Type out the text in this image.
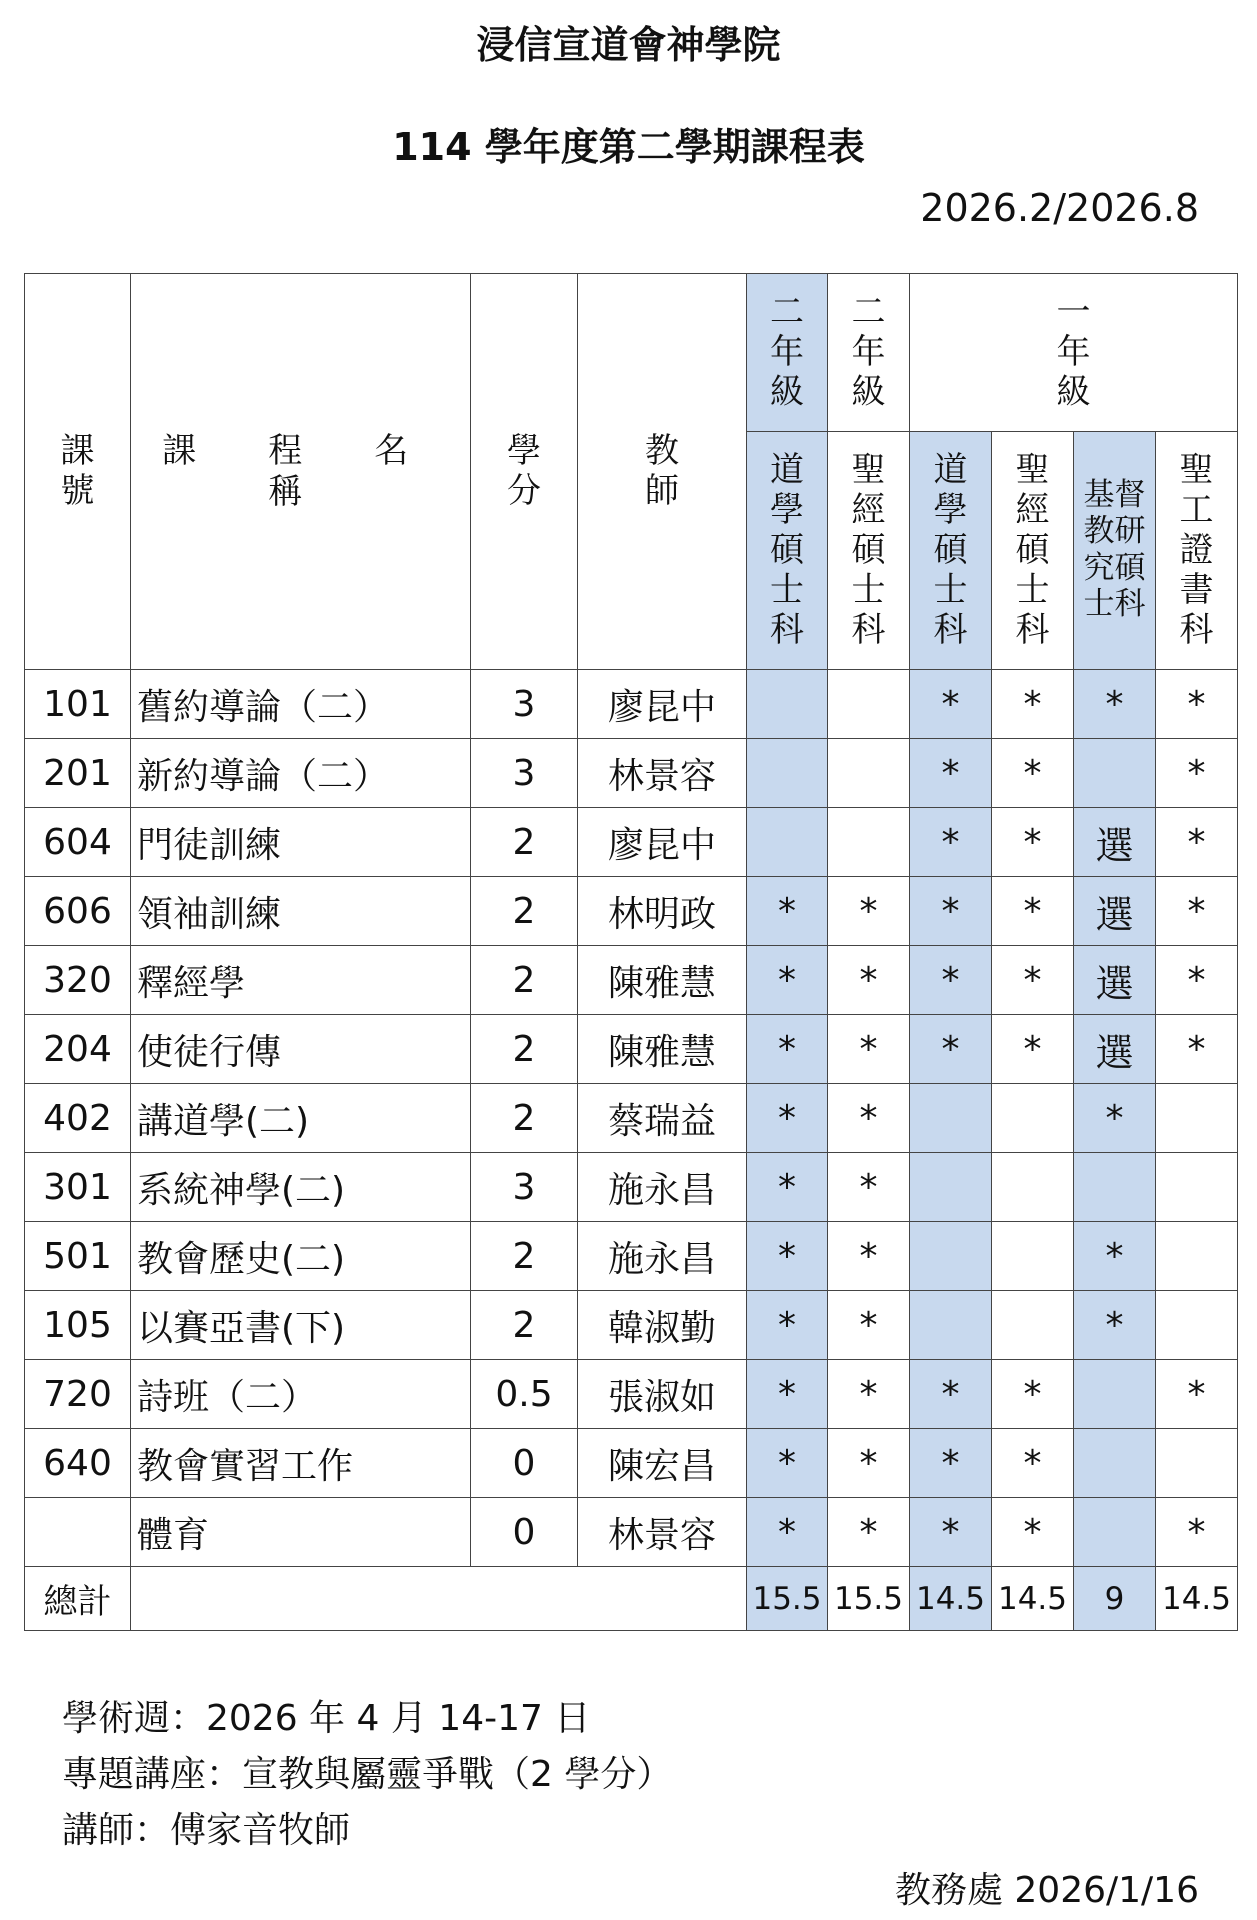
浸信宣道會神學院
114 學年度第二學期課程表
2026.2/2026.8
課號	課 程 名 稱	學分	教師	二年級	二年級	一年級			
				道學碩士科	聖經碩士科	道學碩士科	聖經碩士科	基督教研究碩士科	聖工證書科
101	舊約導論（二）	3	廖昆中			*	*	*	*
201	新約導論（二）	3	林景容			*	*		*
604	門徒訓練	2	廖昆中			*	*	選	*
606	領袖訓練	2	林明政	*	*	*	*	選	*
320	釋經學	2	陳雅慧	*	*	*	*	選	*
204	使徒行傳	2	陳雅慧	*	*	*	*	選	*
402	講道學(二)	2	蔡瑞益	*	*			*	
301	系統神學(二)	3	施永昌	*	*				
501	教會歷史(二)	2	施永昌	*	*			*	
105	以賽亞書(下)	2	韓淑勤	*	*			*	
720	詩班（二）	0.5	張淑如	*	*	*	*		*
640	教會實習工作	0	陳宏昌	*	*	*	*		
	體育	0	林景容	*	*	*	*		*
總計				15.5	15.5	14.5	14.5	9	14.5
學術週：2026 年 4 月 14-17 日
專題講座：宣教與屬靈爭戰（2 學分）
講師：傅家音牧師
教務處 2026/1/16
